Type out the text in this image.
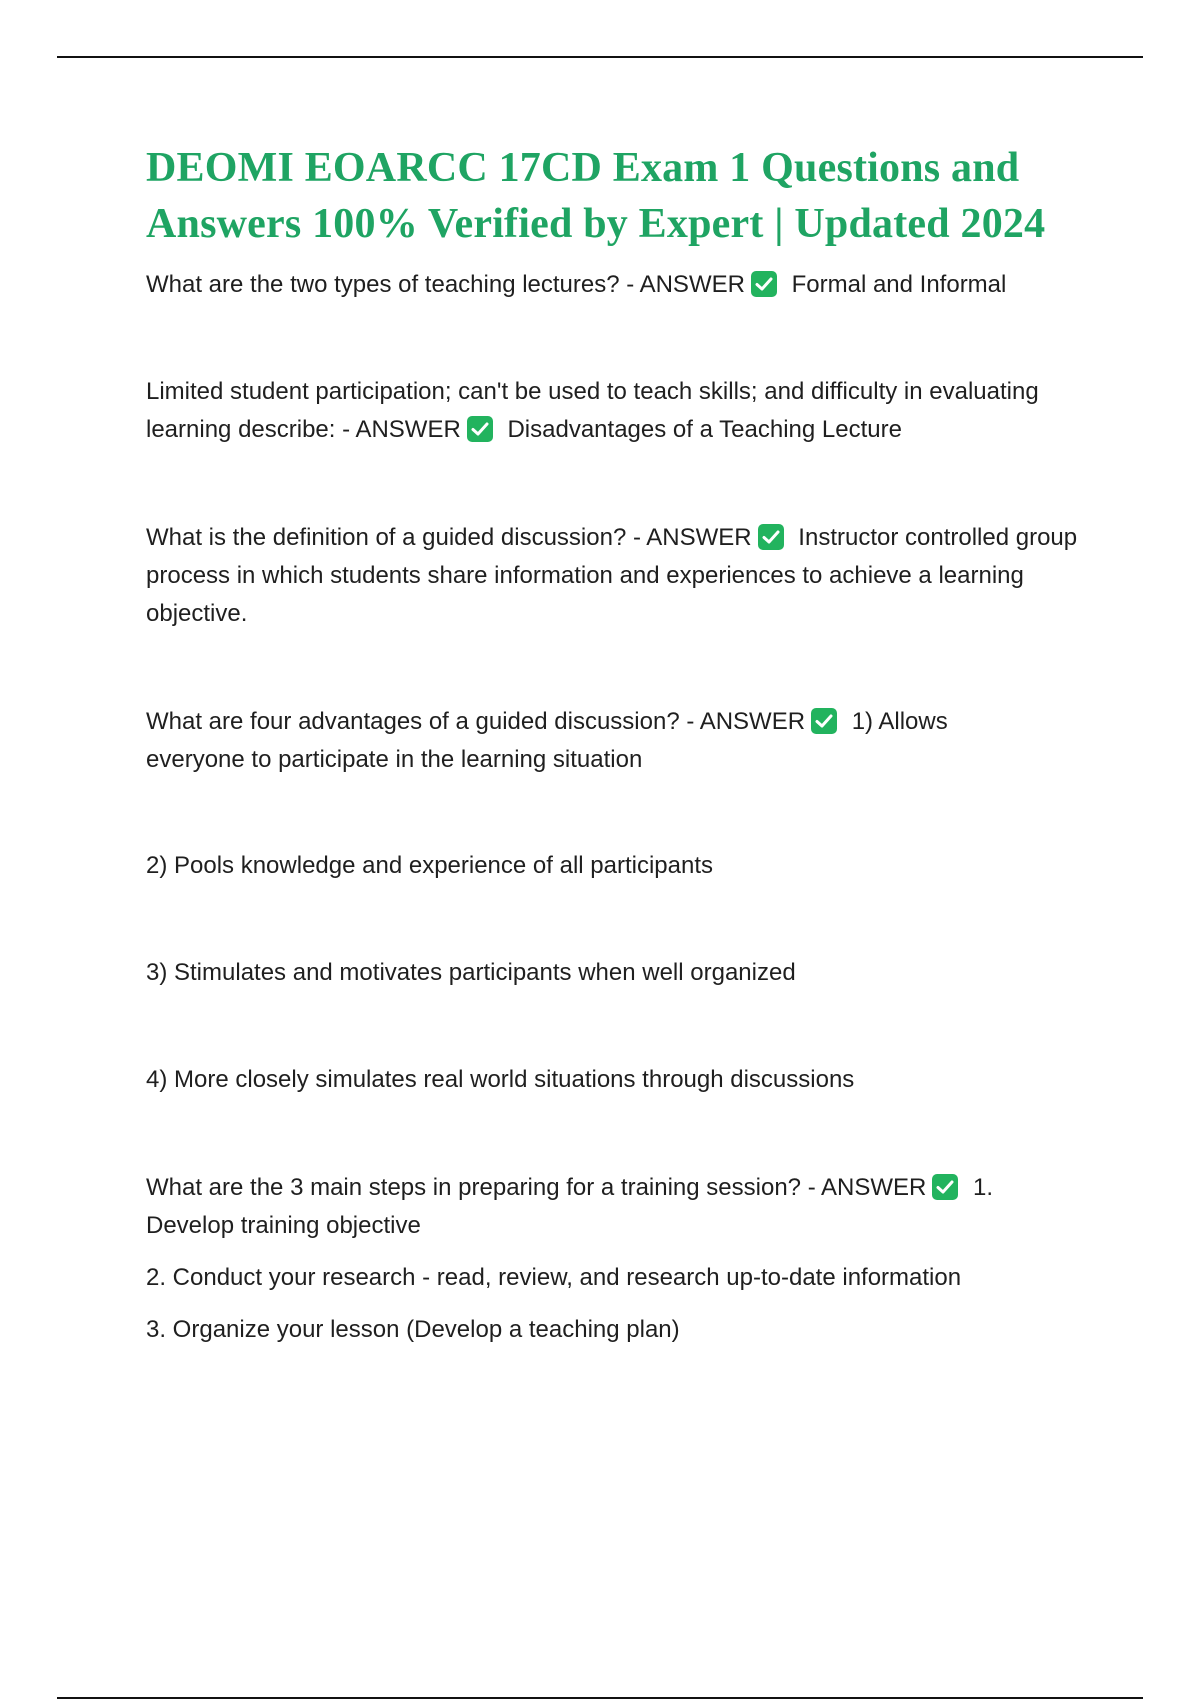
DEOMI EOARCC 17CD Exam 1 Questions and
Answers 100% Verified by Expert | Updated 2024

What are the two types of teaching lectures? - ANSWER
Formal and Informal

Limited student participation; can't be used to teach skills; and difficulty in evaluating learning describe: - ANSWER
Disadvantages of a Teaching Lecture

What is the definition of a guided discussion? - ANSWER
Instructor controlled group process in which students share information and experiences to achieve a learning objective.

What are four advantages of a guided discussion? - ANSWER
1) Allows everyone to participate in the learning situation

2) Pools knowledge and experience of all participants

3) Stimulates and motivates participants when well organized

4) More closely simulates real world situations through discussions

What are the 3 main steps in preparing for a training session? - ANSWER
1. Develop training objective

2. Conduct your research - read, review, and research up-to-date information

3. Organize your lesson (Develop a teaching plan)
